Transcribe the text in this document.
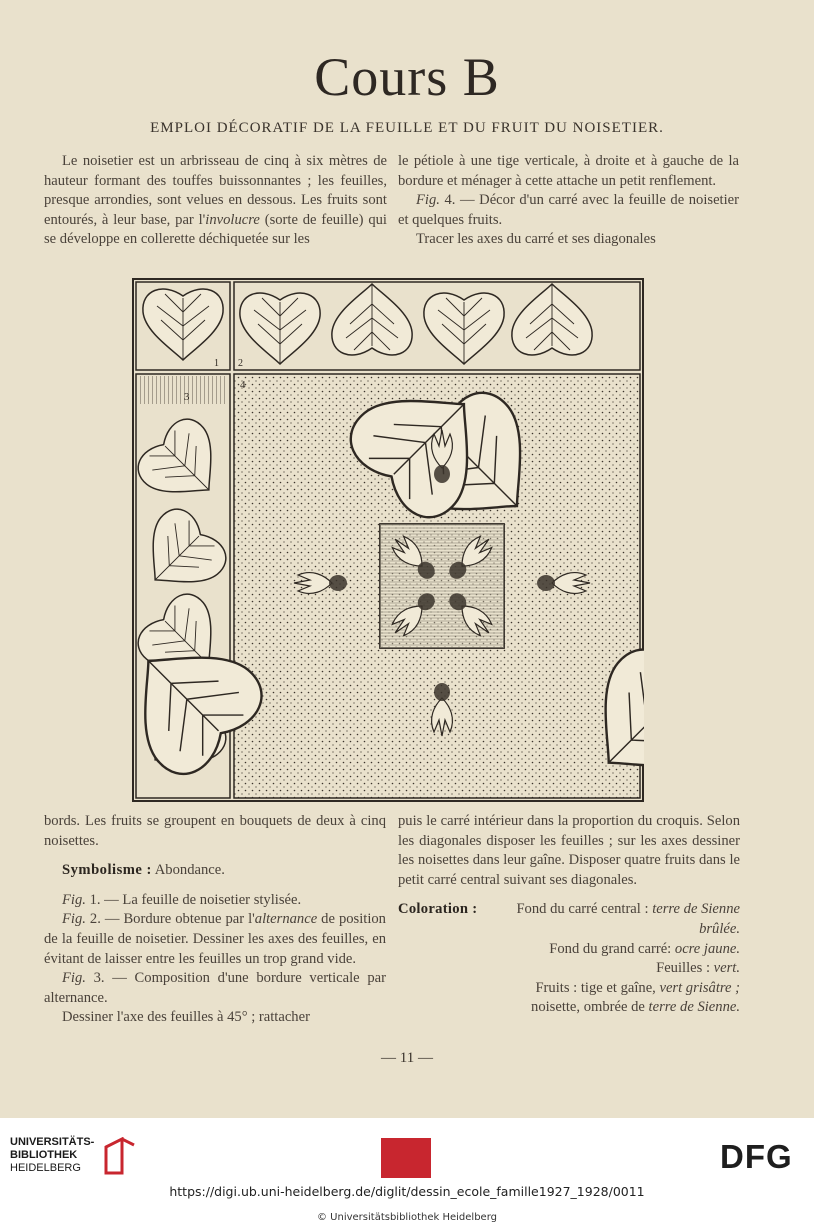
Cours B
EMPLOI DÉCORATIF DE LA FEUILLE ET DU FRUIT DU NOISETIER.

Le noisetier est un arbrisseau de cinq à six mètres de hauteur formant des touffes buissonnantes ; les feuilles, presque arrondies, sont velues en dessous. Les fruits sont entourés, à leur base, par l'involucre (sorte de feuille) qui se développe en collerette déchiquetée sur les

le pétiole à une tige verticale, à droite et à gauche de la bordure et ménager à cette attache un petit renflement.

Fig. 4. — Décor d'un carré avec la feuille de noisetier et quelques fruits.

Tracer les axes du carré et ses diagonales

1 2
3
4

bords. Les fruits se groupent en bouquets de deux à cinq noisettes.

Symbolisme : Abondance.

Fig. 1. — La feuille de noisetier stylisée.

Fig. 2. — Bordure obtenue par l'alternance de position de la feuille de noisetier. Dessiner les axes des feuilles, en évitant de laisser entre les feuilles un trop grand vide.

Fig. 3. — Composition d'une bordure verticale par alternance.

Dessiner l'axe des feuilles à 45° ; rattacher

puis le carré intérieur dans la proportion du croquis. Selon les diagonales disposer les feuilles ; sur les axes dessiner les noisettes dans leur gaîne. Disposer quatre fruits dans le petit carré central suivant ses diagonales.

Coloration :	Fond du carré central : terre de Sienne brûlée.
Fond du grand carré: ocre jaune.
Feuilles : vert.
Fruits : tige et gaîne, vert grisâtre ; noisette, ombrée de terre de Sienne.
— 11 —
UNIVERSITÄTS-
BIBLIOTHEK
HEIDELBERG	DFG
https://digi.ub.uni-heidelberg.de/diglit/dessin_ecole_famille1927_1928/0011
© Universitätsbibliothek Heidelberg
